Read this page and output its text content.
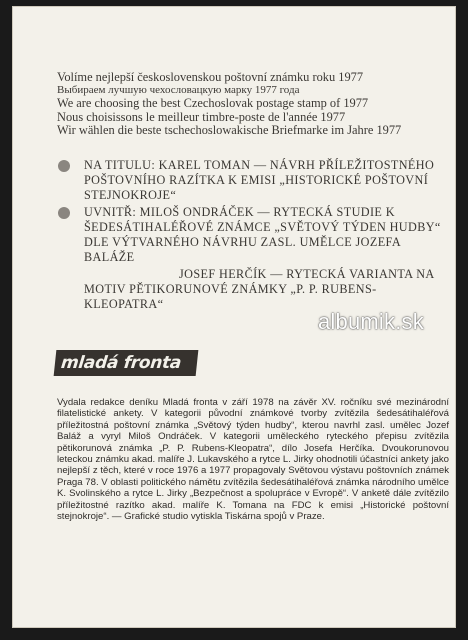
Volíme nejlepší československou poštovní známku roku 1977
Выбираем лучшую чехословацкую марку 1977 года
We are choosing the best Czechoslovak postage stamp of 1977
Nous choisissons le meilleur timbre-poste de l'année 1977
Wir wählen die beste tschechoslowakische Briefmarke im Jahre 1977
NA TITULU: KAREL TOMAN — NÁVRH PŘÍLEŽITOSTNÉHO POŠTOVNÍHO RAZÍTKA K EMISI „HISTORICKÉ POŠTOVNÍ STEJNOKROJE“
UVNITŘ: MILOŠ ONDRÁČEK — RYTECKÁ STUDIE K ŠEDESÁTIHALÉŘOVÉ ZNÁMCE „SVĚTOVÝ TÝDEN HUDBY“ DLE VÝTVARNÉHO NÁVRHU ZASL. UMĚLCE JOZEFA BALÁŽE
JOSEF HERČÍK — RYTECKÁ VARIANTA NA MOTIV PĚTIKORUNOVÉ ZNÁMKY „P. P. RUBENS-KLEOPATRA“
mladá fronta
Vydala redakce deníku Mladá fronta v září 1978 na závěr XV. ročníku své mezinárodní filatelistické ankety. V kategorii původní známkové tvorby zvítězila šedesátihaléřová příležitostná poštovní známka „Světový týden hudby“, kterou navrhl zasl. umělec Jozef Baláž a vyryl Miloš Ondráček. V kategorii uměleckého ryteckého přepisu zvítězila pětikorunová známka „P. P. Rubens-Kleopatra“, dílo Josefa Herčíka. Dvoukorunovou leteckou známku akad. malíře J. Lukavského a rytce L. Jirky ohodnotili účastníci ankety jako nejlepší z těch, které v roce 1976 a 1977 propagovaly Světovou výstavu poštovních známek Praga 78. V oblasti politického námětu zvítězila šedesátihaléřová známka národního umělce K. Svolinského a rytce L. Jirky „Bezpečnost a spolupráce v Evropě“. V anketě dále zvítězilo příležitostné razítko akad. malíře K. Tomana na FDC k emisi „Historické poštovní stejnokroje“. — Grafické studio vytiskla Tiskárna spojů v Praze.
albumik.sk
